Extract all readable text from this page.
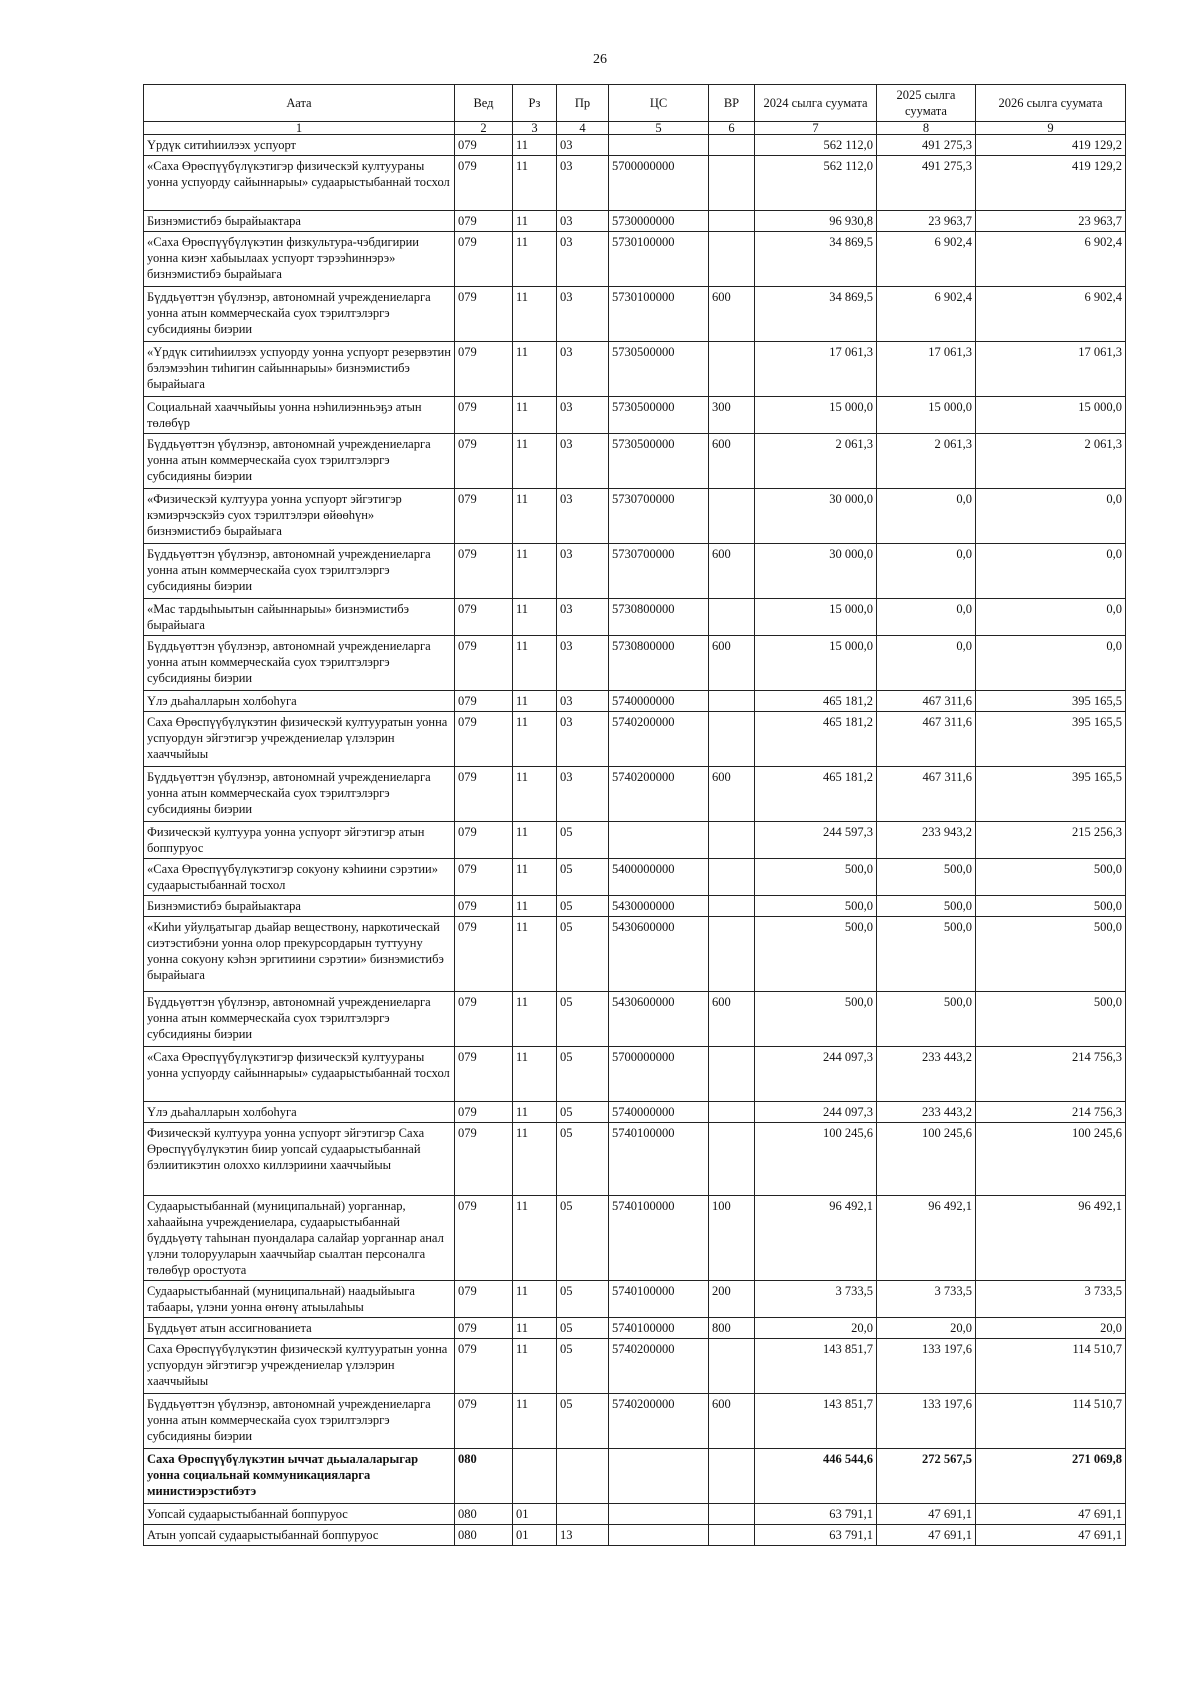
26
Аата	Вед	Рз	Пр	ЦС	ВР	2024 сылга суумата	2025 сылга суумата	2026 сылга суумата
1	2	3	4	5	6	7	8	9
Үрдүк ситиһиилээх успуорт	079	11	03			562 112,0	491 275,3	419 129,2
«Саха Өрөспүүбүлүкэтигэр физическэй култуураны уонна успуорду сайыннарыы» судаарыстыбаннай тосхол	079	11	03	5700000000		562 112,0	491 275,3	419 129,2
Бизнэмистибэ бырайыактара	079	11	03	5730000000		96 930,8	23 963,7	23 963,7
«Саха Өрөспүүбүлүкэтин физкультура-чэбдигирии уонна киэҥ хабыылаах успуорт тэрээһиннэрэ» бизнэмистибэ бырайыага	079	11	03	5730100000		34 869,5	6 902,4	6 902,4
Бүддьүөттэн үбүлэнэр, автономнай учреждениеларга уонна атын коммерческайа суох тэрилтэлэргэ субсидияны биэрии	079	11	03	5730100000	600	34 869,5	6 902,4	6 902,4
«Үрдүк ситиһиилээх успуорду уонна успуорт резервэтин бэлэмээһин тиһигин сайыннарыы» бизнэмистибэ бырайыага	079	11	03	5730500000		17 061,3	17 061,3	17 061,3
Социальнай хааччыйыы уонна нэһилиэнньэҕэ атын төлөбүр	079	11	03	5730500000	300	15 000,0	15 000,0	15 000,0
Бүддьүөттэн үбүлэнэр, автономнай учреждениеларга уонна атын коммерческайа суох тэрилтэлэргэ субсидияны биэрии	079	11	03	5730500000	600	2 061,3	2 061,3	2 061,3
«Физическэй култуура уонна успуорт эйгэтигэр кэмиэрчэскэйэ суох тэрилтэлэри өйөөһүн» бизнэмистибэ бырайыага	079	11	03	5730700000		30 000,0	0,0	0,0
Бүддьүөттэн үбүлэнэр, автономнай учреждениеларга уонна атын коммерческайа суох тэрилтэлэргэ субсидияны биэрии	079	11	03	5730700000	600	30 000,0	0,0	0,0
«Мас тардыһыытын сайыннарыы» бизнэмистибэ бырайыага	079	11	03	5730800000		15 000,0	0,0	0,0
Бүддьүөттэн үбүлэнэр, автономнай учреждениеларга уонна атын коммерческайа суох тэрилтэлэргэ субсидияны биэрии	079	11	03	5730800000	600	15 000,0	0,0	0,0
Үлэ дьаһалларын холбоһуга	079	11	03	5740000000		465 181,2	467 311,6	395 165,5
Саха Өрөспүүбүлүкэтин физическэй култууратын уонна успуордун эйгэтигэр учреждениелар үлэлэрин хааччыйыы	079	11	03	5740200000		465 181,2	467 311,6	395 165,5
Бүддьүөттэн үбүлэнэр, автономнай учреждениеларга уонна атын коммерческайа суох тэрилтэлэргэ субсидияны биэрии	079	11	03	5740200000	600	465 181,2	467 311,6	395 165,5
Физическэй култуура уонна успуорт эйгэтигэр атын боппуруос	079	11	05			244 597,3	233 943,2	215 256,3
«Саха Өрөспүүбүлүкэтигэр сокуону кэһиини сэрэтии» судаарыстыбаннай тосхол	079	11	05	5400000000		500,0	500,0	500,0
Бизнэмистибэ бырайыактара	079	11	05	5430000000		500,0	500,0	500,0
«Киһи уйулҕатыгар дьайар веществону, наркотическай сиэтэстибэни уонна олор прекурсордарын туттууну уонна сокуону кэһэн эргитиини сэрэтии» бизнэмистибэ бырайыага	079	11	05	5430600000		500,0	500,0	500,0
Бүддьүөттэн үбүлэнэр, автономнай учреждениеларга уонна атын коммерческайа суох тэрилтэлэргэ субсидияны биэрии	079	11	05	5430600000	600	500,0	500,0	500,0
«Саха Өрөспүүбүлүкэтигэр физическэй култуураны уонна успуорду сайыннарыы» судаарыстыбаннай тосхол	079	11	05	5700000000		244 097,3	233 443,2	214 756,3
Үлэ дьаһалларын холбоһуга	079	11	05	5740000000		244 097,3	233 443,2	214 756,3
Физическэй култуура уонна успуорт эйгэтигэр Саха Өрөспүүбүлүкэтин биир уопсай судаарыстыбаннай бэлиитикэтин олоххо киллэриини хааччыйыы	079	11	05	5740100000		100 245,6	100 245,6	100 245,6
Судаарыстыбаннай (муниципальнай) уорганнар, хаһаайына учреждениелара, судаарыстыбаннай бүддьүөтү таһынан пуондалара салайар уорганнар анал үлэни толорууларын хааччыйар сыалтан персоналга төлөбүр оростуота	079	11	05	5740100000	100	96 492,1	96 492,1	96 492,1
Судаарыстыбаннай (муниципальнай) наадыйыыга табаары, үлэни уонна өҥөнү атыылаһыы	079	11	05	5740100000	200	3 733,5	3 733,5	3 733,5
Бүддьүөт атын ассигнованиета	079	11	05	5740100000	800	20,0	20,0	20,0
Саха Өрөспүүбүлүкэтин физическэй култууратын уонна успуордун эйгэтигэр учреждениелар үлэлэрин хааччыйыы	079	11	05	5740200000		143 851,7	133 197,6	114 510,7
Бүддьүөттэн үбүлэнэр, автономнай учреждениеларга уонна атын коммерческайа суох тэрилтэлэргэ субсидияны биэрии	079	11	05	5740200000	600	143 851,7	133 197,6	114 510,7
Саха Өрөспүүбүлүкэтин ыччат дьыалаларыгар уонна социальнай коммуникацияларга министиэрэстибэтэ	080					446 544,6	272 567,5	271 069,8
Уопсай судаарыстыбаннай боппуруос	080	01				63 791,1	47 691,1	47 691,1
Атын уопсай судаарыстыбаннай боппуруос	080	01	13			63 791,1	47 691,1	47 691,1
